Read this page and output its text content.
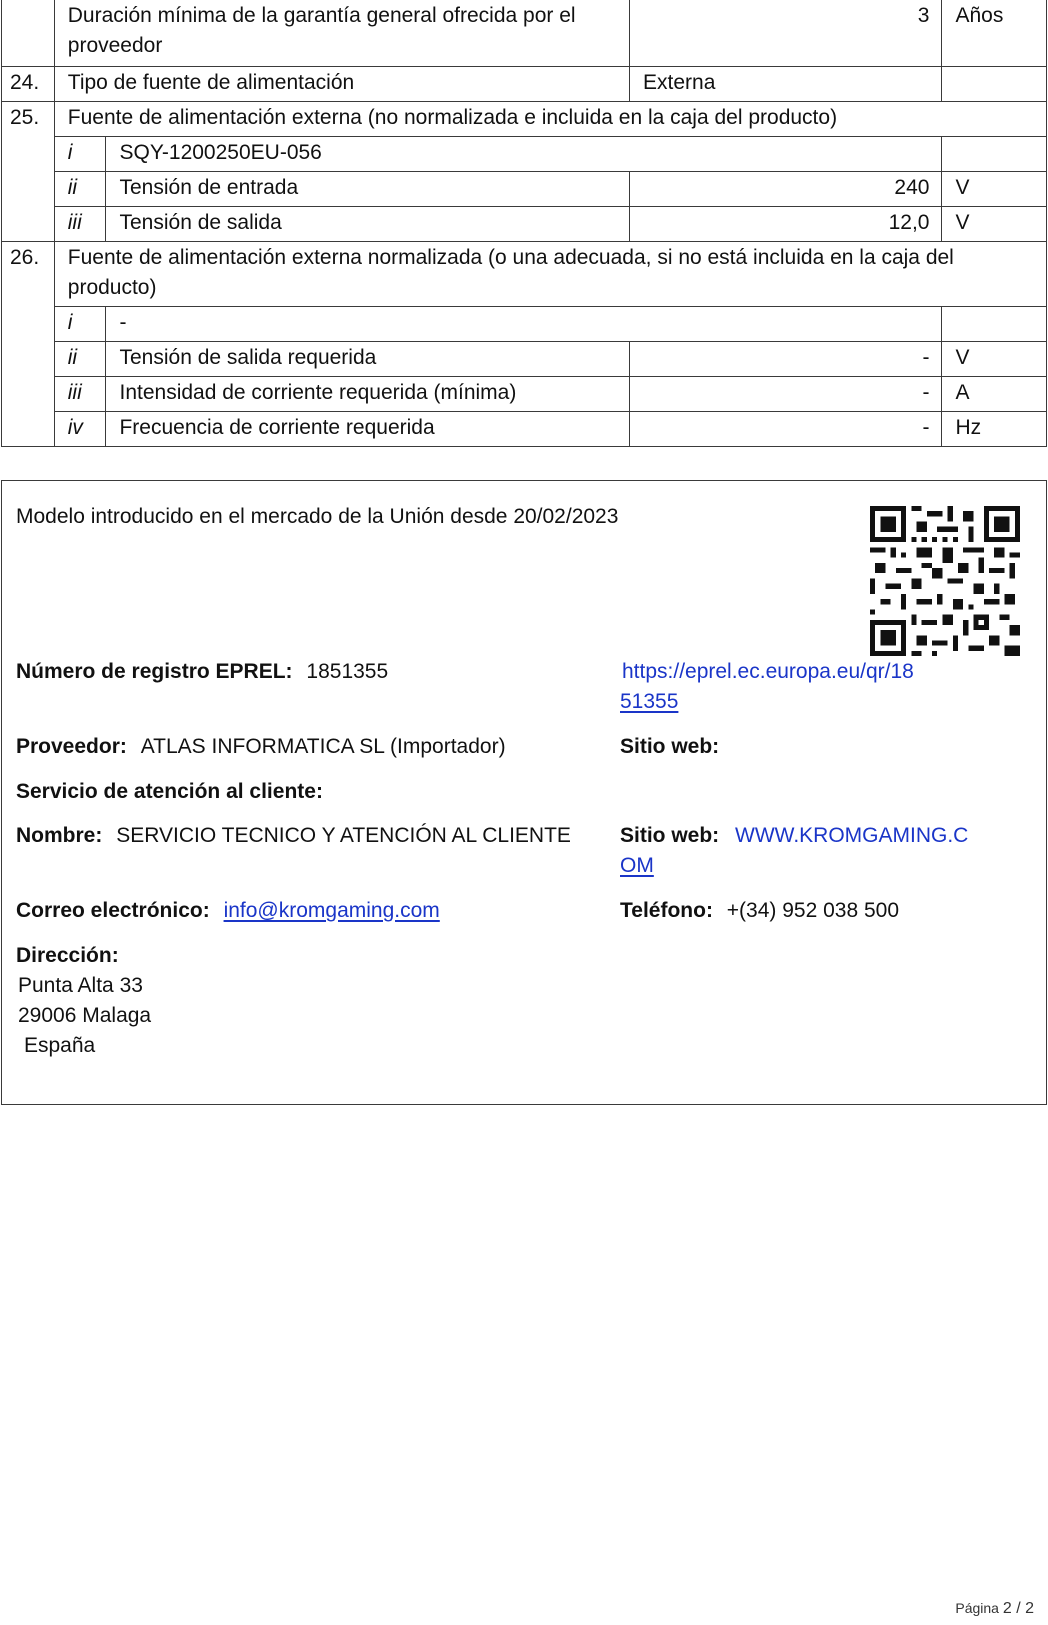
	Duración mínima de la garantía general ofrecida por el proveedor		3	Años
24.	Tipo de fuente de alimentación		Externa	
25.	Fuente de alimentación externa (no normalizada e incluida en la caja del producto)			
	i	SQY-1200250EU-056		
	ii	Tensión de entrada	240	V
	iii	Tensión de salida	12,0	V
26.	Fuente de alimentación externa normalizada (o una adecuada, si no está incluida en la caja del producto)			
	i	-		
	ii	Tensión de salida requerida	-	V
	iii	Intensidad de corriente requerida (mínima)	-	A
	iv	Frecuencia de corriente requerida	-	Hz
Modelo introducido en el mercado de la Unión desde 20/02/2023
Número de registro EPREL: 1851355	https://eprel.ec.europa.eu/qr/18
51355
Proveedor: ATLAS INFORMATICA SL (Importador)	Sitio web:
Servicio de atención al cliente:
Nombre: SERVICIO TECNICO Y ATENCIÓN AL CLIENTE Sitio web: WWW.KROMGAMING.C
OM
Correo electrónico: info@kromgaming.com	Teléfono: +(34) 952 038 500
Dirección:
Punta Alta 33
29006 Malaga
España
Página 2 / 2
